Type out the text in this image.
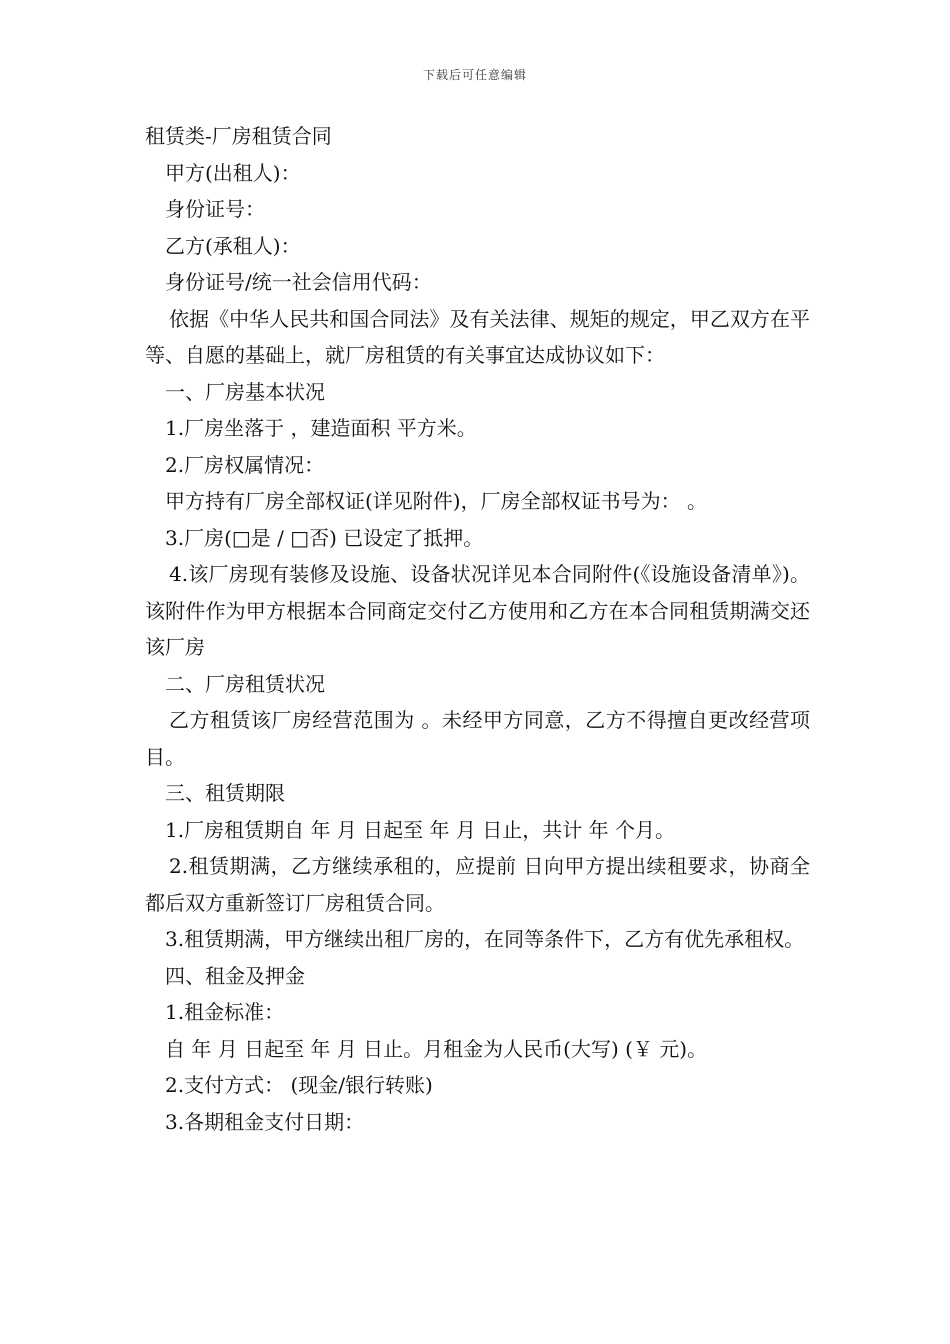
下载后可任意编辑

租赁类-厂房租赁合同

甲方(出租人)：

身份证号：

乙方(承租人)：

身份证号/统一社会信用代码：

依据《中华人民共和国合同法》及有关法律、规矩的规定，甲乙双方在平等、自愿的基础上，就厂房租赁的有关事宜达成协议如下：

一、厂房基本状况

1.厂房坐落于 ，建造面积 平方米。

2.厂房权属情况：

甲方持有厂房全部权证(详见附件)，厂房全部权证书号为： 。

3.厂房(□是 / □否) 已设定了抵押。

4.该厂房现有装修及设施、设备状况详见本合同附件(《设施设备清单》)。该附件作为甲方根据本合同商定交付乙方使用和乙方在本合同租赁期满交还该厂房

二、厂房租赁状况

乙方租赁该厂房经营范围为 。未经甲方同意，乙方不得擅自更改经营项目。

三、租赁期限

1.厂房租赁期自 年 月 日起至 年 月 日止，共计 年 个月。

2.租赁期满，乙方继续承租的，应提前 日向甲方提出续租要求，协商全都后双方重新签订厂房租赁合同。

3.租赁期满，甲方继续出租厂房的，在同等条件下，乙方有优先承租权。

四、租金及押金

1.租金标准：

自 年 月 日起至 年 月 日止。月租金为人民币(大写) (￥ 元)。

2.支付方式： (现金/银行转账)

3.各期租金支付日期：
